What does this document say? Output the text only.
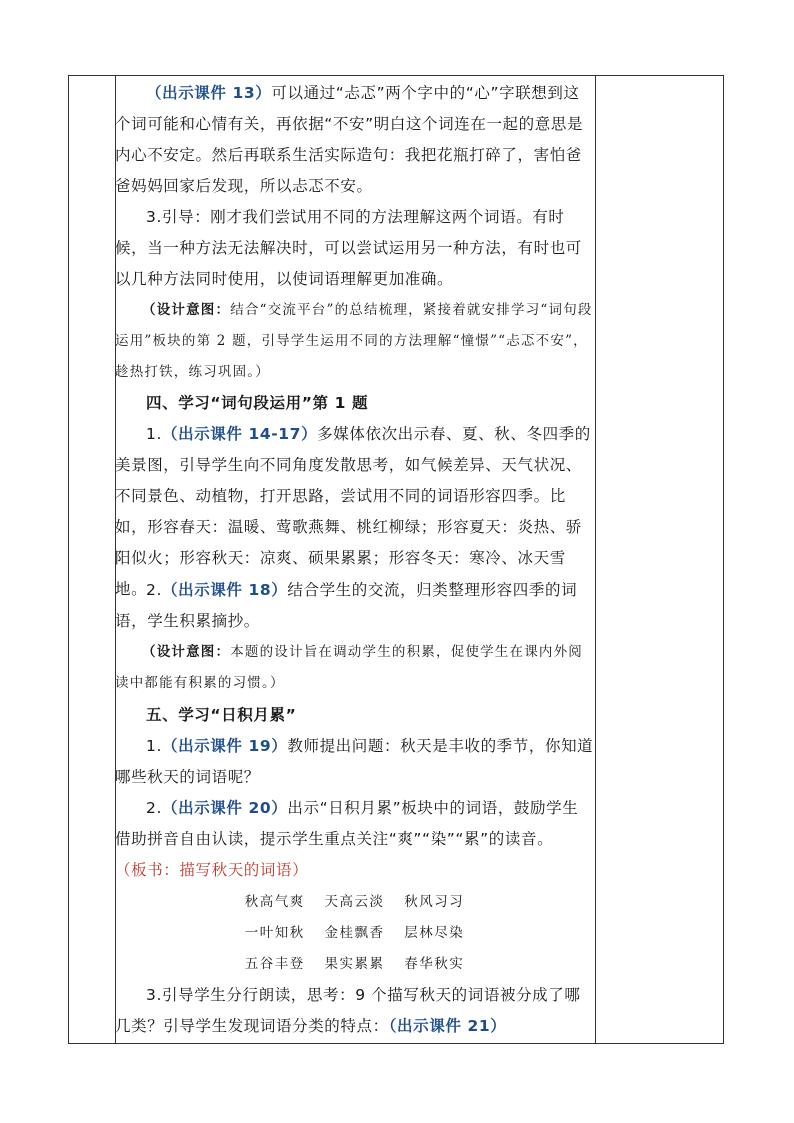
（出示课件 13）可以通过“忐忑”两个字中的“心”字联想到这个词可能和心情有关，再依据“不安”明白这个词连在一起的意思是内心不安定。然后再联系生活实际造句：我把花瓶打碎了，害怕爸爸妈妈回家后发现，所以忐忑不安。
3.引导：刚才我们尝试用不同的方法理解这两个词语。有时候，当一种方法无法解决时，可以尝试运用另一种方法，有时也可以几种方法同时使用，以使词语理解更加准确。
（设计意图：结合“交流平台”的总结梳理，紧接着就安排学习“词句段运用”板块的第 2 题，引导学生运用不同的方法理解“憧憬”“忐忑不安”，趁热打铁，练习巩固。）
四、学习“词句段运用”第 1 题
1.（出示课件 14-17）多媒体依次出示春、夏、秋、冬四季的美景图，引导学生向不同角度发散思考，如气候差异、天气状况、不同景色、动植物，打开思路，尝试用不同的词语形容四季。比如，形容春天：温暖、莺歌燕舞、桃红柳绿；形容夏天：炎热、骄阳似火；形容秋天：凉爽、硕果累累；形容冬天：寒冷、冰天雪地。
2.（出示课件 18）结合学生的交流，归类整理形容四季的词语，学生积累摘抄。
（设计意图：本题的设计旨在调动学生的积累，促使学生在课内外阅读中都能有积累的习惯。）
五、学习“日积月累”
1.（出示课件 19）教师提出问题：秋天是丰收的季节，你知道哪些秋天的词语呢？
2.（出示课件 20）出示“日积月累”板块中的词语，鼓励学生借助拼音自由认读，提示学生重点关注“爽”“染”“累”的读音。
（板书：描写秋天的词语）
秋高气爽 天高云淡 秋风习习
一叶知秋 金桂飘香 层林尽染
五谷丰登 果实累累 春华秋实
3.引导学生分行朗读，思考：9 个描写秋天的词语被分成了哪几类？引导学生发现词语分类的特点：（出示课件 21）
